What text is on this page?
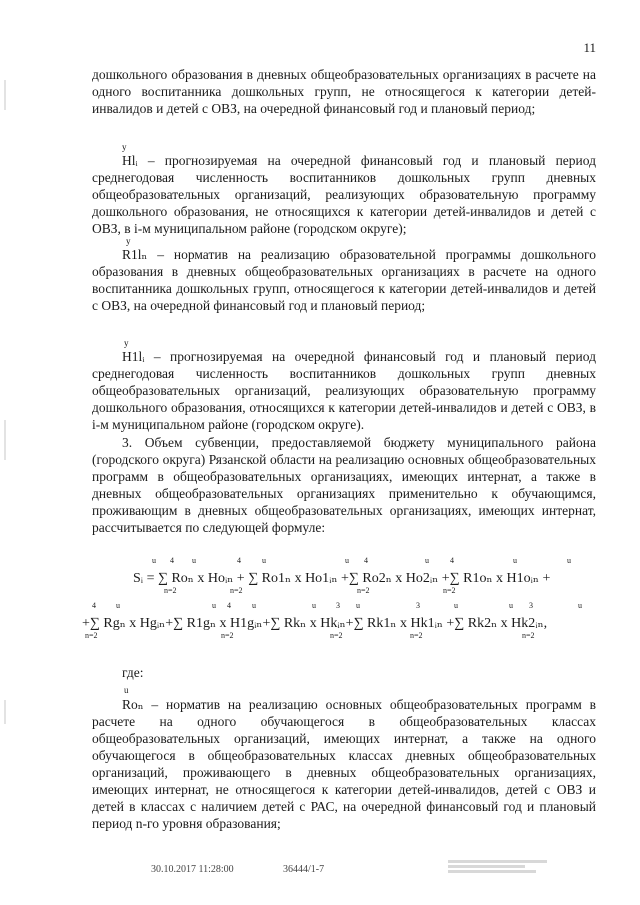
11

дошкольного образования в дневных общеобразовательных организациях в расчете на одного воспитанника дошкольных групп, не относящегося к категории детей-инвалидов и детей с ОВЗ, на очередной финансовый год и плановый период;

y

Hlᵢ – прогнозируемая на очередной финансовый год и плановый период среднегодовая численность воспитанников дошкольных групп дневных общеобразовательных организаций, реализующих образовательную программу дошкольного образования, не относящихся к категории детей-инвалидов и детей с ОВЗ, в i-м муниципальном районе (городском округе);

y

R1lₙ – норматив на реализацию образовательной программы дошкольного образования в дневных общеобразовательных организациях в расчете на одного воспитанника дошкольных групп, относящегося к категории детей-инвалидов и детей с ОВЗ, на очередной финансовый год и плановый период;

y

H1lᵢ – прогнозируемая на очередной финансовый год и плановый период среднегодовая численность воспитанников дошкольных групп дневных общеобразовательных организаций, реализующих образовательную программу дошкольного образования, относящихся к категории детей-инвалидов и детей с ОВЗ, в i-м муниципальном районе (городском округе).

3. Объем субвенции, предоставляемой бюджету муниципального района (городского округа) Рязанской области на реализацию основных общеобразовательных программ в общеобразовательных организациях, имеющих интернат, а также в дневных общеобразовательных организациях применительно к обучающимся, проживающим в дневных общеобразовательных организациях, имеющих интернат, рассчитывается по следующей формуле:

u 4 u	4	u	u 4	u	4	u	u
Sᵢ = ∑ Roₙ x Hoᵢₙ + ∑ Ro1ₙ x Ho1ᵢₙ +∑ Ro2ₙ x Ho2ᵢₙ +∑ R1oₙ x H1oᵢₙ +
n=2	n=2	n=2	n=2
4	u	u 4	u	u	3 u	3	u	u 3	u
+∑ Rgₙ x Hgᵢₙ+∑ R1gₙ x H1gᵢₙ+∑ Rkₙ x Hkᵢₙ+∑ Rk1ₙ x Hk1ᵢₙ +∑ Rk2ₙ x Hk2ᵢₙ,
n=2	n=2	n=2	n=2	n=2

где:

u

Roₙ – норматив на реализацию основных общеобразовательных программ в расчете на одного обучающегося в общеобразовательных классах общеобразовательных организаций, имеющих интернат, а также на одного обучающегося в общеобразовательных классах дневных общеобразовательных организаций, проживающего в дневных общеобразовательных организациях, имеющих интернат, не относящегося к категории детей-инвалидов, детей с ОВЗ и детей в классах с наличием детей с РАС, на очередной финансовый год и плановый период n-го уровня образования;

30.10.2017 11:28:00	36444/1-7
